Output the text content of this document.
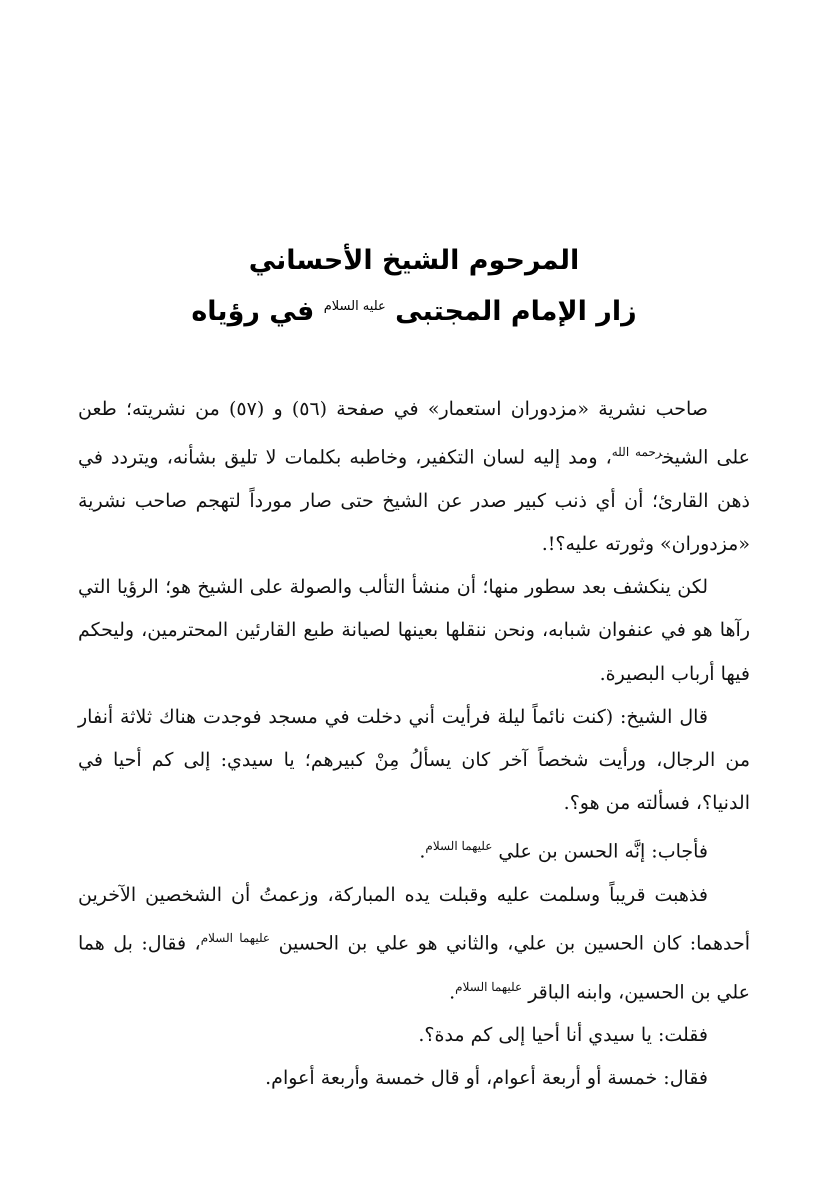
المرحوم الشيخ الأحساني

زار الإمام المجتبى $^{عليه السلام}$ في رؤياه

صاحب نشرية «مزدوران استعمار» في صفحة (٥٦) و (٥٧) من نشريته؛ طعن على الشيخ$^{رحمه الله}$، ومد إليه لسان التكفير، وخاطبه بكلمات لا تليق بشأنه، ويتردد في ذهن القارئ؛ أن أي ذنب كبير صدر عن الشيخ حتى صار مورداً لتهجم صاحب نشرية «مزدوران» وثورته عليه؟!.

لكن ينكشف بعد سطور منها؛ أن منشأ التألب والصولة على الشيخ هو؛ الرؤيا التي رآها هو في عنفوان شبابه، ونحن ننقلها بعينها لصيانة طبع القارئين المحترمين، وليحكم فيها أرباب البصيرة.

قال الشيخ: (كنت نائماً ليلة فرأيت أني دخلت في مسجد فوجدت هناك ثلاثة أنفار من الرجال، ورأيت شخصاً آخر كان يسألُ مِنْ كبيرهم؛ يا سيدي: إلى كم أحيا في الدنيا؟، فسألته من هو؟.

فأجاب: إنَّه الحسن بن علي $^{عليهما السلام}$.

فذهبت قريباً وسلمت عليه وقبلت يده المباركة، وزعمتُ أن الشخصين الآخرين أحدهما: كان الحسين بن علي، والثاني هو علي بن الحسين $^{عليهما السلام}$، فقال: بل هما علي بن الحسين، وابنه الباقر $^{عليهما السلام}$.

فقلت: يا سيدي أنا أحيا إلى كم مدة؟.

فقال: خمسة أو أربعة أعوام، أو قال خمسة وأربعة أعوام.
